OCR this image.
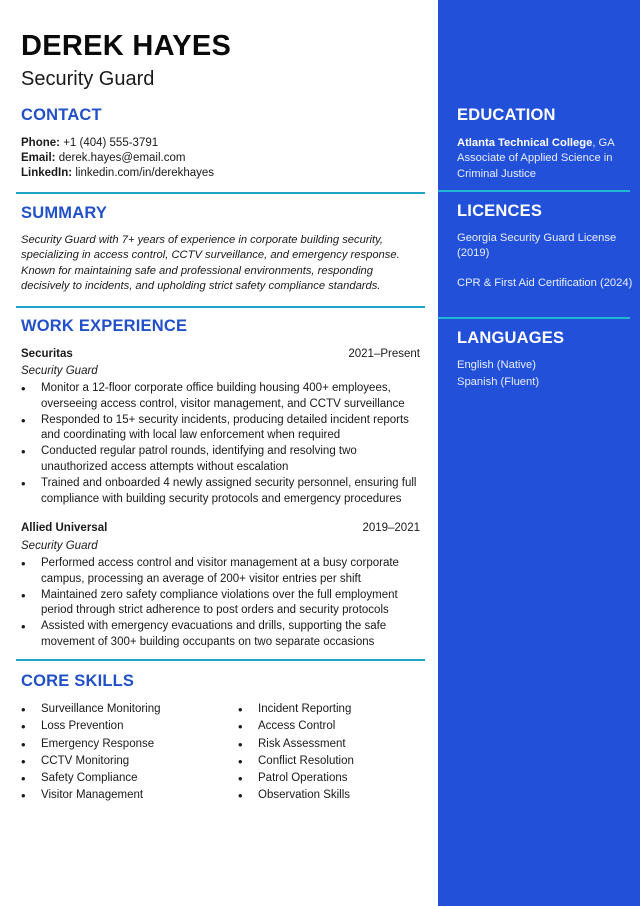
DEREK HAYES
Security Guard
CONTACT
Phone: +1 (404) 555-3791
Email: derek.hayes@email.com
LinkedIn: linkedin.com/in/derekhayes
SUMMARY
Security Guard with 7+ years of experience in corporate building security, specializing in access control, CCTV surveillance, and emergency response. Known for maintaining safe and professional environments, responding decisively to incidents, and upholding strict safety compliance standards.
WORK EXPERIENCE
Securitas	2021–Present
Security Guard
• Monitor a 12-floor corporate office building housing 400+ employees, overseeing access control, visitor management, and CCTV surveillance
• Responded to 15+ security incidents, producing detailed incident reports and coordinating with local law enforcement when required
• Conducted regular patrol rounds, identifying and resolving two unauthorized access attempts without escalation
• Trained and onboarded 4 newly assigned security personnel, ensuring full compliance with building security protocols and emergency procedures
Allied Universal	2019–2021
Security Guard
• Performed access control and visitor management at a busy corporate campus, processing an average of 200+ visitor entries per shift
• Maintained zero safety compliance violations over the full employment period through strict adherence to post orders and security protocols
• Assisted with emergency evacuations and drills, supporting the safe movement of 300+ building occupants on two separate occasions
CORE SKILLS
• Surveillance Monitoring
• Loss Prevention
• Emergency Response
• CCTV Monitoring
• Safety Compliance
• Visitor Management
• Incident Reporting
• Access Control
• Risk Assessment
• Conflict Resolution
• Patrol Operations
• Observation Skills
EDUCATION
Atlanta Technical College, GA
Associate of Applied Science in Criminal Justice
LICENCES
Georgia Security Guard License (2019)
CPR & First Aid Certification (2024)
LANGUAGES
English (Native)
Spanish (Fluent)
